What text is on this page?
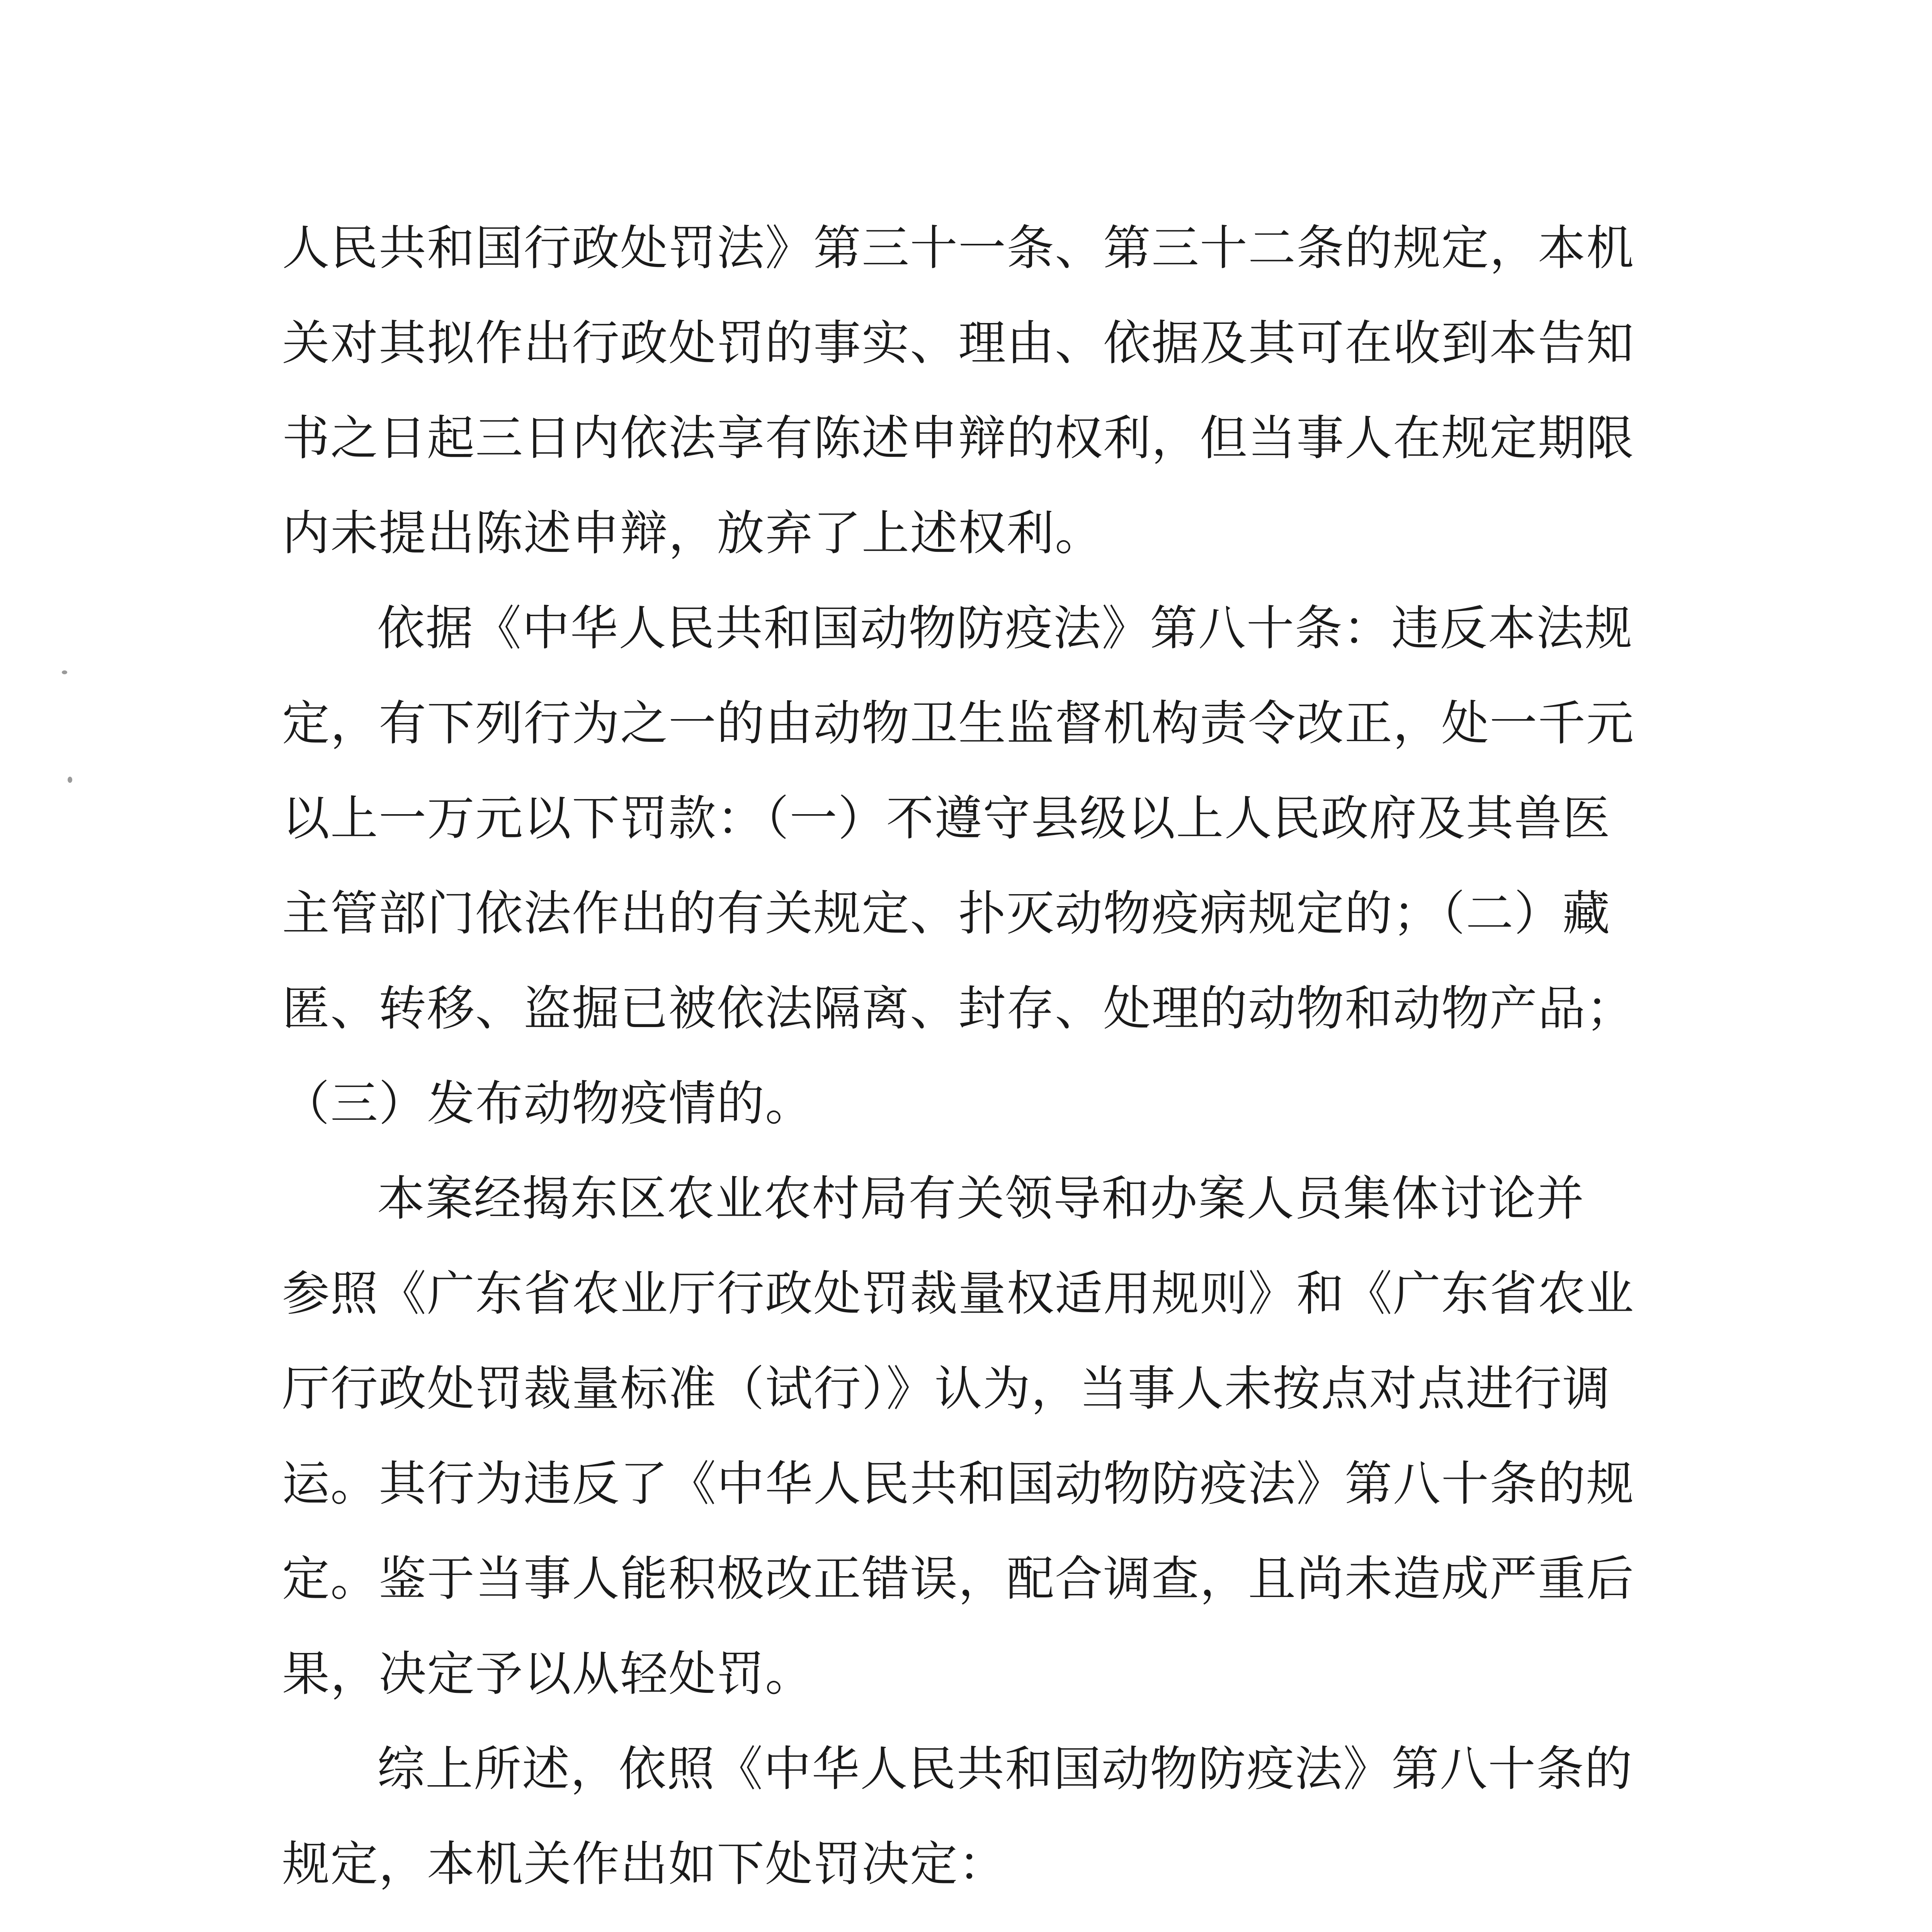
人民共和国行政处罚法》第三十一条、第三十二条的规定，本机
关对其拟作出行政处罚的事实、理由、依据及其可在收到本告知
书之日起三日内依法享有陈述申辩的权利，但当事人在规定期限
内未提出陈述申辩，放弃了上述权利。
依据《中华人民共和国动物防疫法》第八十条：违反本法规
定，有下列行为之一的由动物卫生监督机构责令改正，处一千元
以上一万元以下罚款：（一）不遵守县级以上人民政府及其兽医
主管部门依法作出的有关规定、扑灭动物疫病规定的；（二）藏
匿、转移、盗掘已被依法隔离、封存、处理的动物和动物产品；
（三）发布动物疫情的。
本案经揭东区农业农村局有关领导和办案人员集体讨论并
参照《广东省农业厅行政处罚裁量权适用规则》和《广东省农业
厅行政处罚裁量标准（试行）》认为，当事人未按点对点进行调
运。其行为违反了《中华人民共和国动物防疫法》第八十条的规
定。鉴于当事人能积极改正错误，配合调查，且尚未造成严重后
果，决定予以从轻处罚。
综上所述，依照《中华人民共和国动物防疫法》第八十条的
规定，本机关作出如下处罚决定：
